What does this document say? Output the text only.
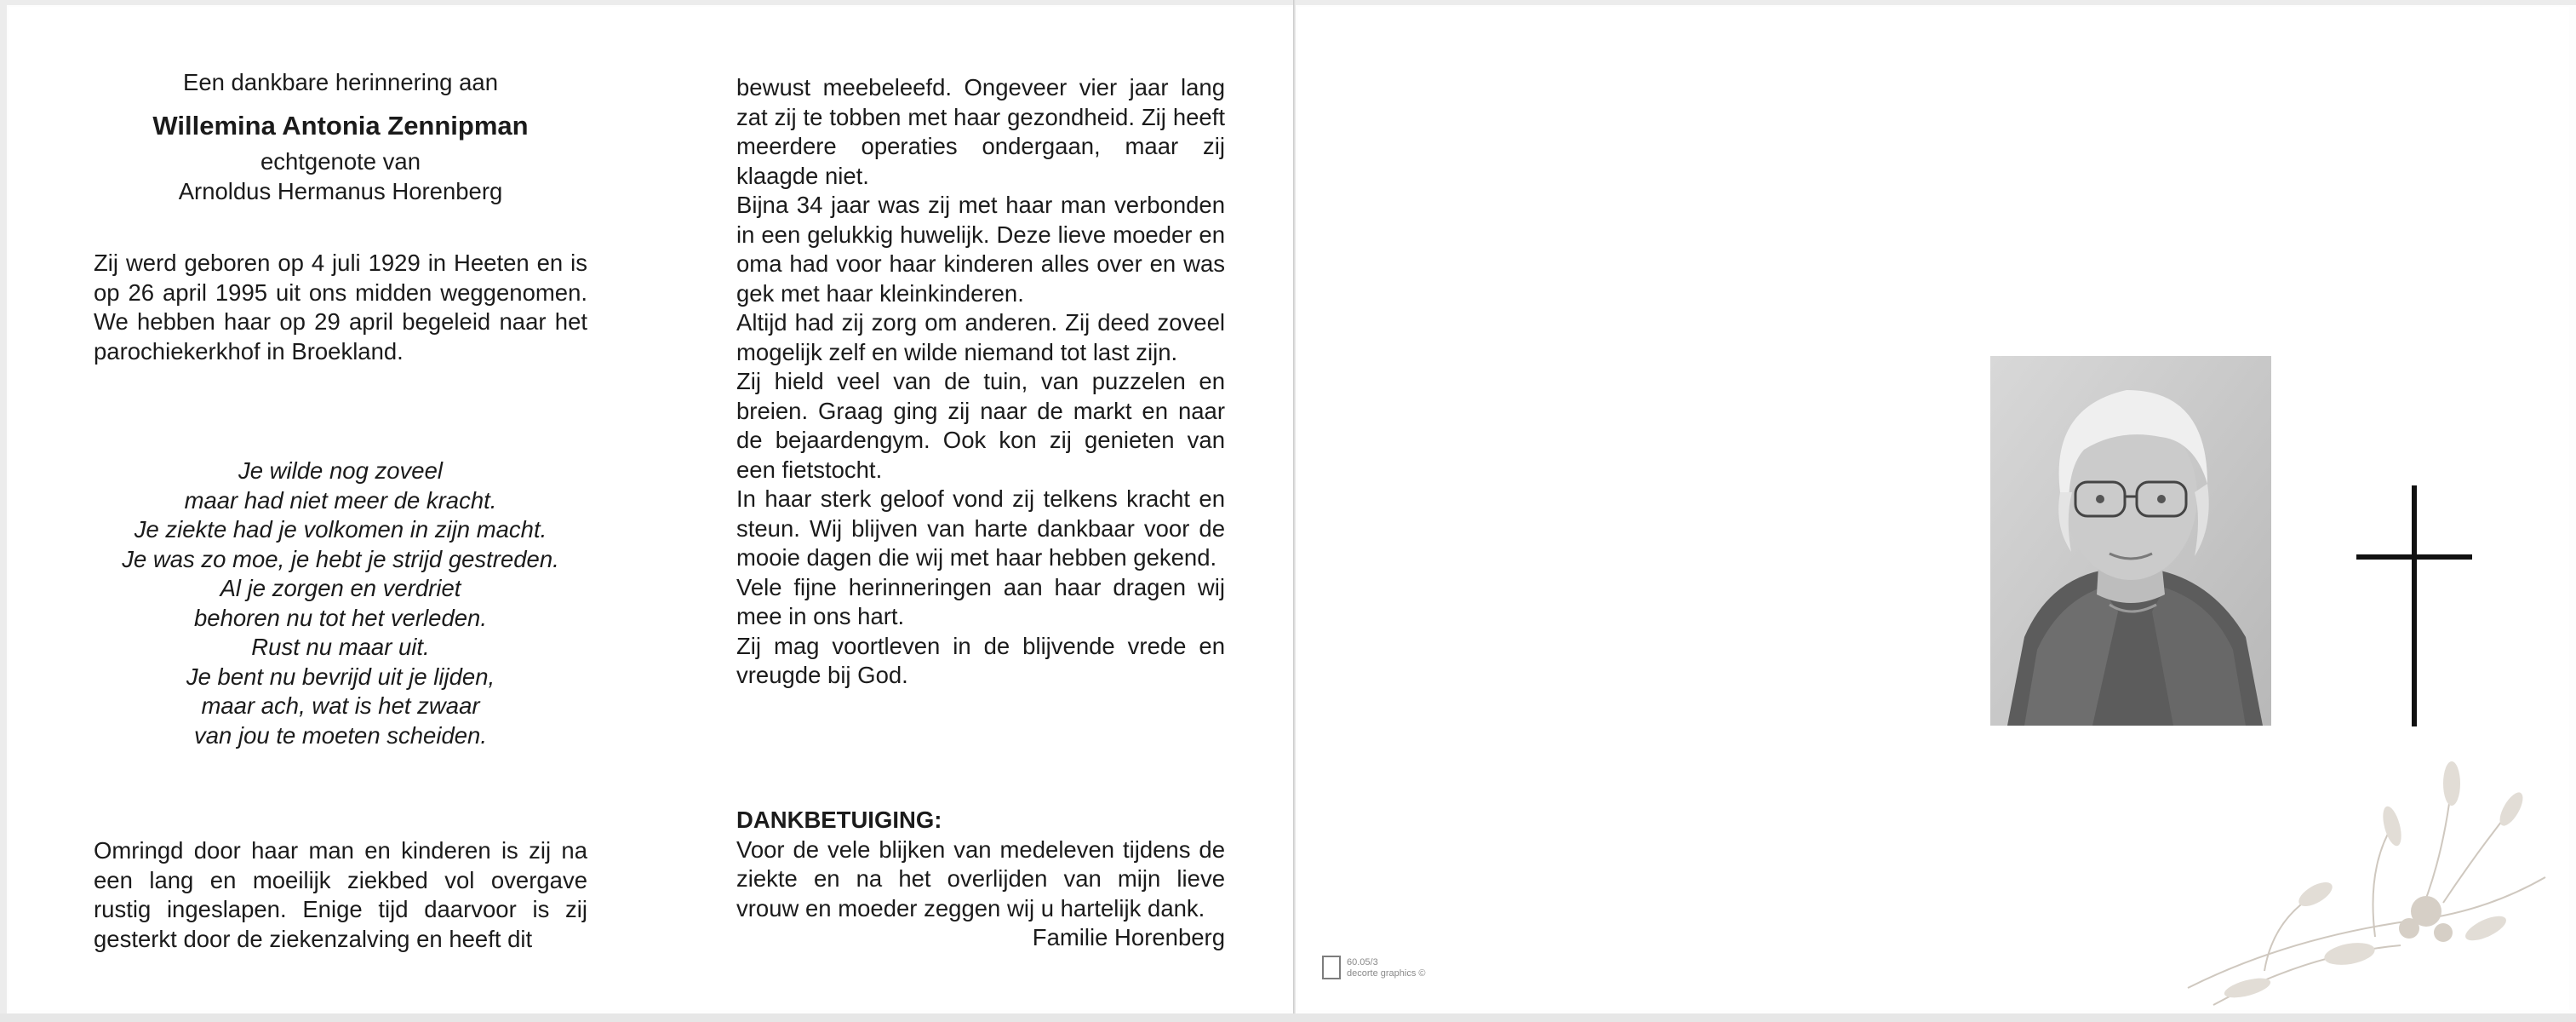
Een dankbare herinnering aan
Willemina Antonia Zennipman
echtgenote van
Arnoldus Hermanus Horenberg
Zij werd geboren op 4 juli 1929 in Heeten en is op 26 april 1995 uit ons midden weggenomen. We hebben haar op 29 april begeleid naar het parochiekerkhof in Broekland.
Je wilde nog zoveel
maar had niet meer de kracht.
Je ziekte had je volkomen in zijn macht.
Je was zo moe, je hebt je strijd gestreden.
Al je zorgen en verdriet
behoren nu tot het verleden.
Rust nu maar uit.
Je bent nu bevrijd uit je lijden,
maar ach, wat is het zwaar
van jou te moeten scheiden.
Omringd door haar man en kinderen is zij na een lang en moeilijk ziekbed vol overgave rustig ingeslapen. Enige tijd daarvoor is zij gesterkt door de ziekenzalving en heeft dit

bewust meebeleefd. Ongeveer vier jaar lang zat zij te tobben met haar gezondheid. Zij heeft meerdere operaties ondergaan, maar zij klaagde niet.

Bijna 34 jaar was zij met haar man verbonden in een gelukkig huwelijk. Deze lieve moeder en oma had voor haar kinderen alles over en was gek met haar kleinkinderen.

Altijd had zij zorg om anderen. Zij deed zoveel mogelijk zelf en wilde niemand tot last zijn.

Zij hield veel van de tuin, van puzzelen en breien. Graag ging zij naar de markt en naar de bejaardengym. Ook kon zij genieten van een fietstocht.

In haar sterk geloof vond zij telkens kracht en steun. Wij blijven van harte dankbaar voor de mooie dagen die wij met haar hebben gekend.

Vele fijne herinneringen aan haar dragen wij mee in ons hart.

Zij mag voortleven in de blijvende vrede en vreugde bij God.

DANKBETUIGING:
Voor de vele blijken van medeleven tijdens de ziekte en na het overlijden van mijn lieve vrouw en moeder zeggen wij u hartelijk dank.
Familie Horenberg
60.05/3
decorte graphics ©
